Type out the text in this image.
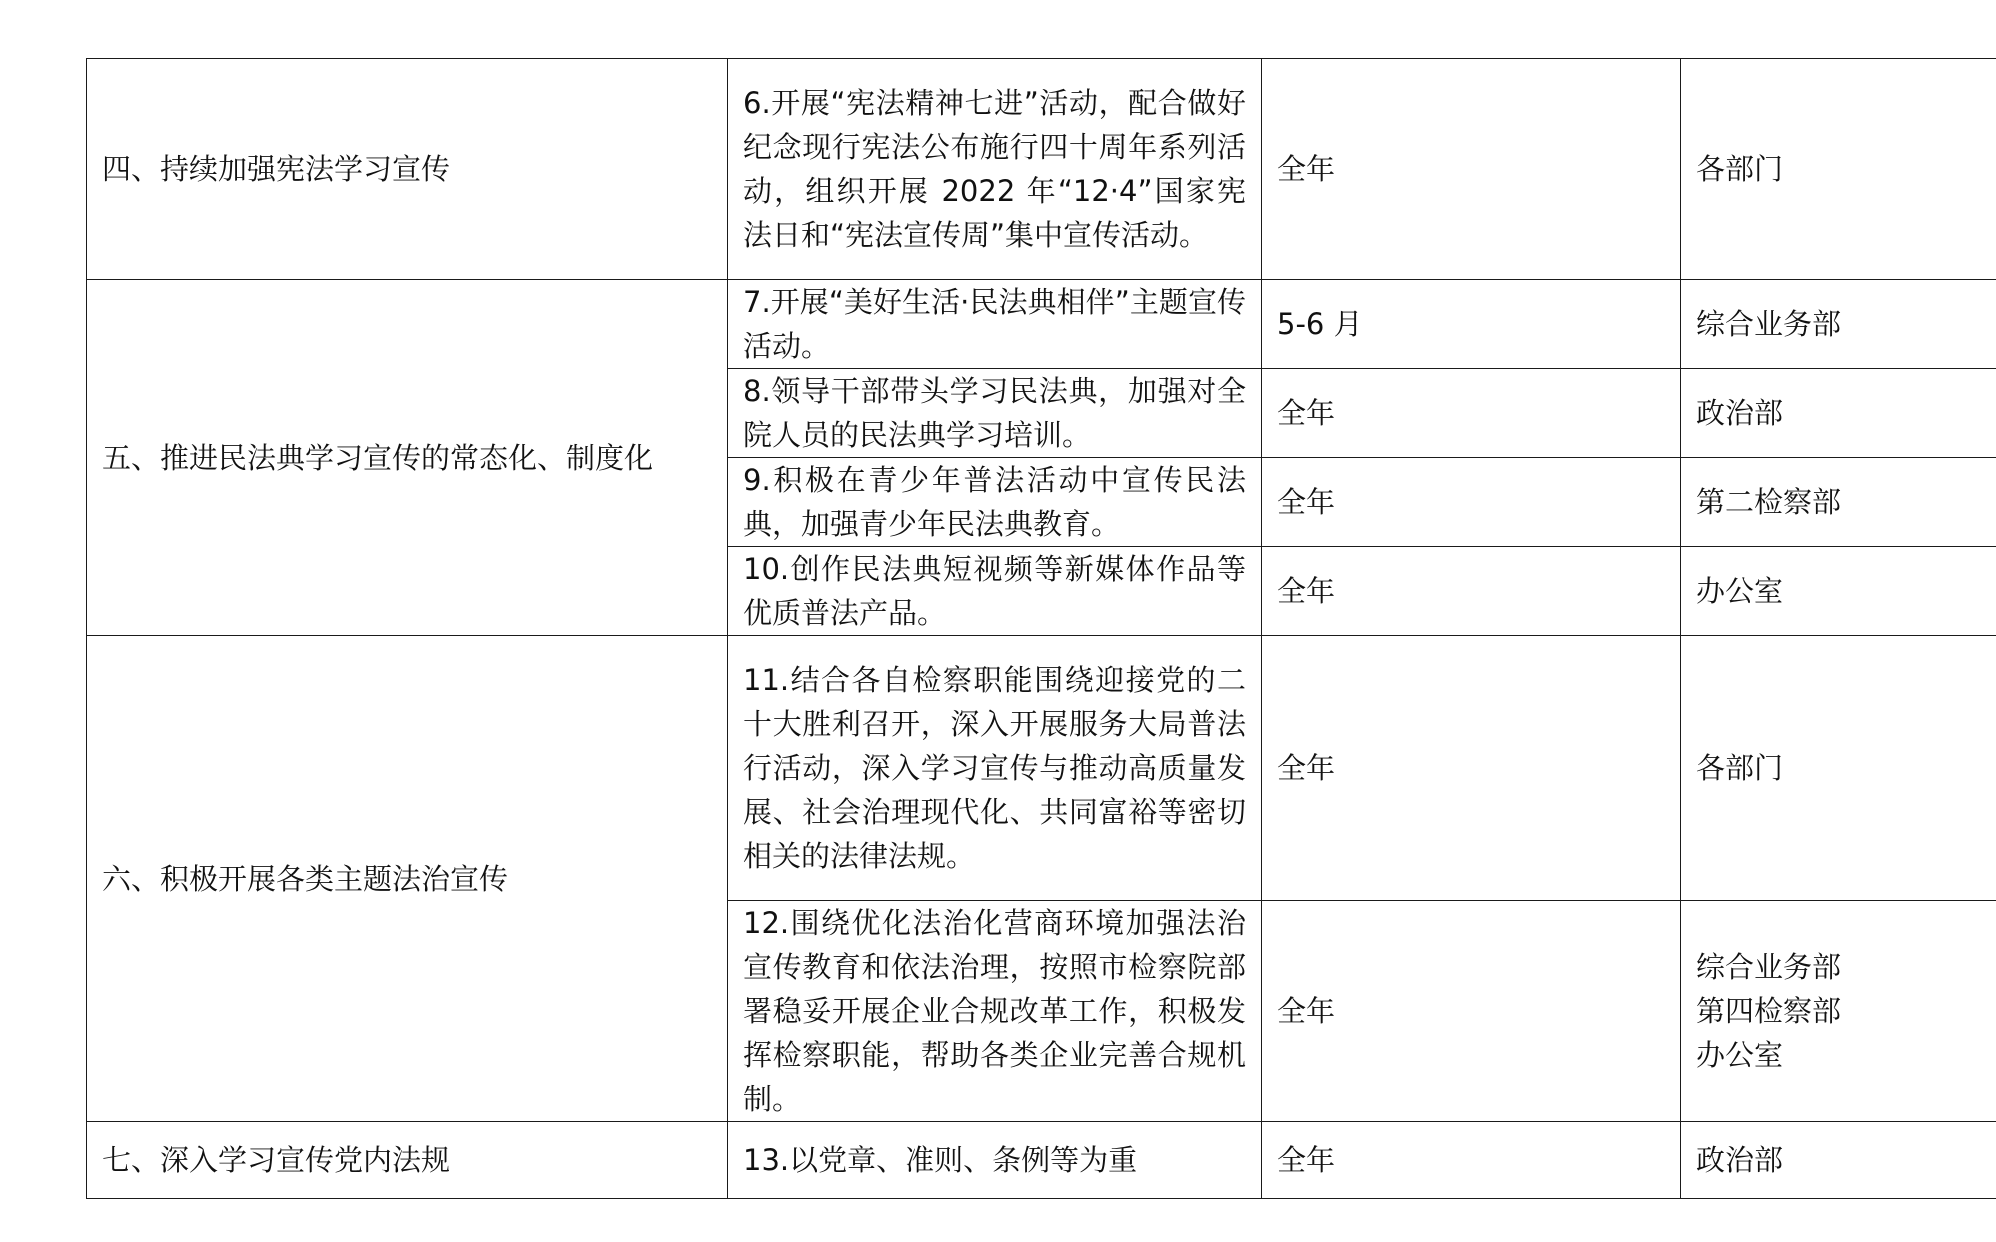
四、持续加强宪法学习宣传	6.开展“宪法精神七进”活动，配合做好纪念现行宪法公布施行四十周年系列活动，组织开展 2022 年“12·4”国家宪法日和“宪法宣传周”集中宣传活动。	全年	各部门

五、推进民法典学习宣传的常态化、制度化	7.开展“美好生活·民法典相伴”主题宣传活动。	5-6 月	综合业务部

	8.领导干部带头学习民法典，加强对全院人员的民法典学习培训。	全年	政治部

	9.积极在青少年普法活动中宣传民法典，加强青少年民法典教育。	全年	第二检察部

	10.创作民法典短视频等新媒体作品等优质普法产品。	全年	办公室

六、积极开展各类主题法治宣传	11.结合各自检察职能围绕迎接党的二十大胜利召开，深入开展服务大局普法行活动，深入学习宣传与推动高质量发展、社会治理现代化、共同富裕等密切相关的法律法规。	全年	各部门

	12.围绕优化法治化营商环境加强法治宣传教育和依法治理，按照市检察院部署稳妥开展企业合规改革工作，积极发挥检察职能，帮助各类企业完善合规机制。	全年	综合业务部
第四检察部
办公室

七、深入学习宣传党内法规	13.以党章、准则、条例等为重	全年	政治部
